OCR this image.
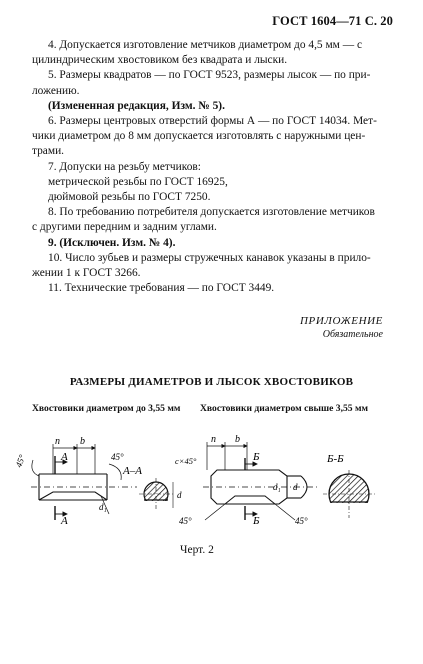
ГОСТ 1604—71 С. 20

4. Допускается изготовление метчиков диаметром до 4,5 мм — с

цилиндрическим хвостовиком без квадрата и лыски.

5. Размеры квадратов — по ГОСТ 9523, размеры лысок — по при-

ложению.

(Измененная редакция, Изм. № 5).

6. Размеры центровых отверстий формы А — по ГОСТ 14034. Мет-

чики диаметром до 8 мм допускается изготовлять с наружными цен-

трами.

7. Допуски на резьбу метчиков:

метрической резьбы по ГОСТ 16925,

дюймовой резьбы по ГОСТ 7250.

8. По требованию потребителя допускается изготовление метчиков

с другими передним и задним углами.

9. (Исключен. Изм. № 4).

10. Число зубьев и размеры стружечных канавок указаны в прило-

жении 1 к ГОСТ 3266.

11. Технические требования — по ГОСТ 3449.

ПРИЛОЖЕНИЕ
Обязательное
РАЗМЕРЫ ДИАМЕТРОВ И ЛЫСОК ХВОСТОВИКОВ
Хвостовики диаметром до 3,55 мм Хвостовики диаметром свыше 3,55 мм
n b
45°	45°
A
A
d₁
A–A
d
n b
c×45°	Б
Б
45°	45°
d₁ d
Б-Б
Черт. 2
